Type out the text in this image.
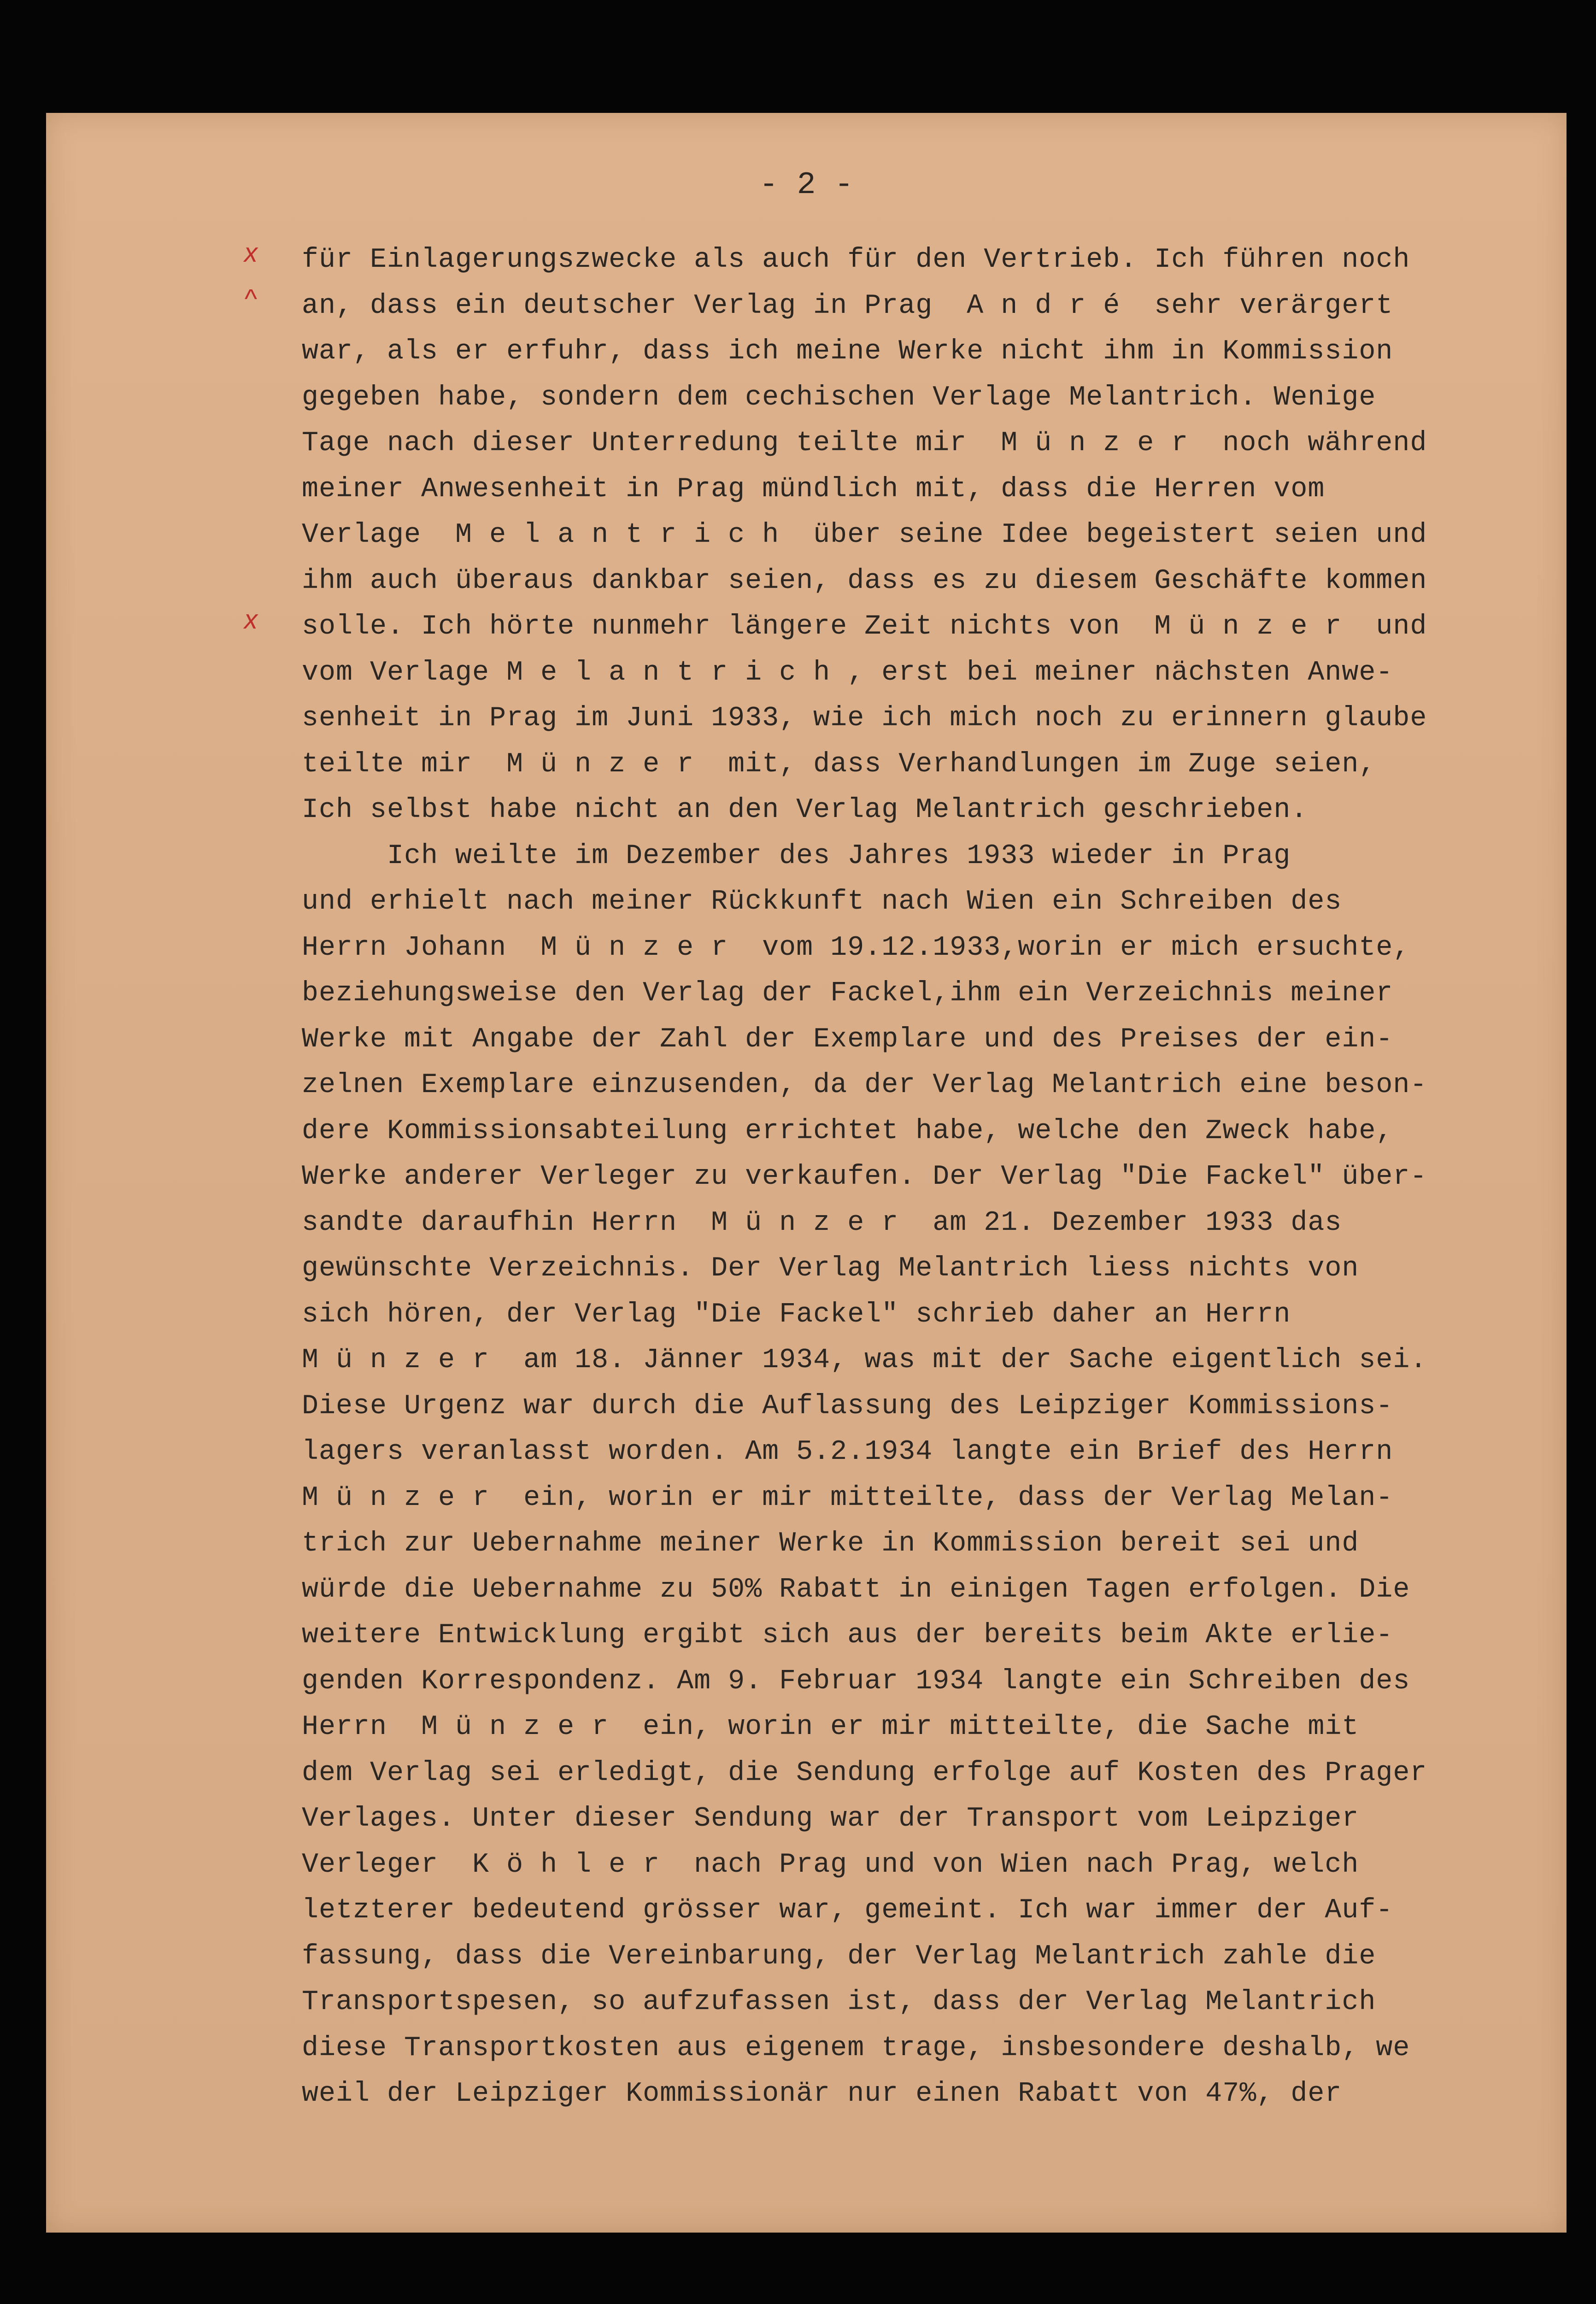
- 2 -
x
^
x
für Einlagerungszwecke als auch für den Vertrieb. Ich führen noch
an, dass ein deutscher Verlag in Prag  A n d r é  sehr verärgert
war, als er erfuhr, dass ich meine Werke nicht ihm in Kommission
gegeben habe, sondern dem cechischen Verlage Melantrich. Wenige
Tage nach dieser Unterredung teilte mir  M ü n z e r  noch während
meiner Anwesenheit in Prag mündlich mit, dass die Herren vom
Verlage  M e l a n t r i c h  über seine Idee begeistert seien und
ihm auch überaus dankbar seien, dass es zu diesem Geschäfte kommen
solle. Ich hörte nunmehr längere Zeit nichts von  M ü n z e r  und
vom Verlage M e l a n t r i c h , erst bei meiner nächsten Anwe-
senheit in Prag im Juni 1933, wie ich mich noch zu erinnern glaube
teilte mir  M ü n z e r  mit, dass Verhandlungen im Zuge seien,
Ich selbst habe nicht an den Verlag Melantrich geschrieben.
Ich weilte im Dezember des Jahres 1933 wieder in Prag
und erhielt nach meiner Rückkunft nach Wien ein Schreiben des
Herrn Johann  M ü n z e r  vom 19.12.1933,worin er mich ersuchte,
beziehungsweise den Verlag der Fackel,ihm ein Verzeichnis meiner
Werke mit Angabe der Zahl der Exemplare und des Preises der ein-
zelnen Exemplare einzusenden, da der Verlag Melantrich eine beson-
dere Kommissionsabteilung errichtet habe, welche den Zweck habe,
Werke anderer Verleger zu verkaufen. Der Verlag "Die Fackel" über-
sandte daraufhin Herrn  M ü n z e r  am 21. Dezember 1933 das
gewünschte Verzeichnis. Der Verlag Melantrich liess nichts von
sich hören, der Verlag "Die Fackel" schrieb daher an Herrn
M ü n z e r  am 18. Jänner 1934, was mit der Sache eigentlich sei.
Diese Urgenz war durch die Auflassung des Leipziger Kommissions-
lagers veranlasst worden. Am 5.2.1934 langte ein Brief des Herrn
M ü n z e r  ein, worin er mir mitteilte, dass der Verlag Melan-
trich zur Uebernahme meiner Werke in Kommission bereit sei und
würde die Uebernahme zu 50% Rabatt in einigen Tagen erfolgen. Die
weitere Entwicklung ergibt sich aus der bereits beim Akte erlie-
genden Korrespondenz. Am 9. Februar 1934 langte ein Schreiben des
Herrn  M ü n z e r  ein, worin er mir mitteilte, die Sache mit
dem Verlag sei erledigt, die Sendung erfolge auf Kosten des Prager
Verlages. Unter dieser Sendung war der Transport vom Leipziger
Verleger  K ö h l e r  nach Prag und von Wien nach Prag, welch
letzterer bedeutend grösser war, gemeint. Ich war immer der Auf-
fassung, dass die Vereinbarung, der Verlag Melantrich zahle die
Transportspesen, so aufzufassen ist, dass der Verlag Melantrich
diese Transportkosten aus eigenem trage, insbesondere deshalb, we
weil der Leipziger Kommissionär nur einen Rabatt von 47%, der
